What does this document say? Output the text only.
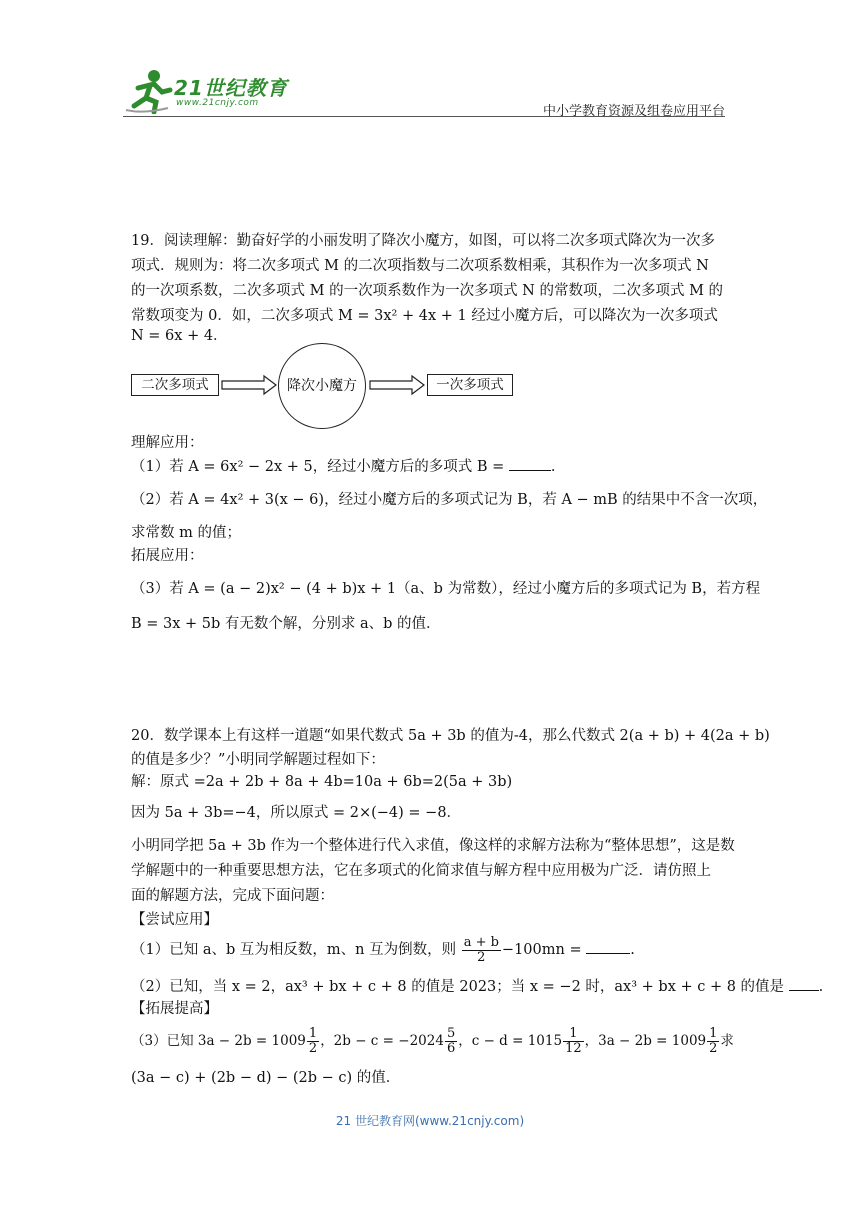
21世纪教育
www.21cnjy.com
中小学教育资源及组卷应用平台
19．阅读理解：勤奋好学的小丽发明了降次小魔方，如图，可以将二次多项式降次为一次多
项式．规则为：将二次多项式 M 的二次项指数与二次项系数相乘，其积作为一次多项式 N
的一次项系数，二次多项式 M 的一次项系数作为一次多项式 N 的常数项，二次多项式 M 的
常数项变为 0．如，二次多项式 M = 3x² + 4x + 1 经过小魔方后，可以降次为一次多项式
N = 6x + 4．
二次多项式	降次小魔方	一次多项式
理解应用：
（1）若 A = 6x² − 2x + 5，经过小魔方后的多项式 B =	.
（2）若 A = 4x² + 3(x − 6)，经过小魔方后的多项式记为 B，若 A − mB 的结果中不含一次项，
求常数 m 的值；
拓展应用：
（3）若 A = (a − 2)x² − (4 + b)x + 1（a、b 为常数），经过小魔方后的多项式记为 B，若方程
B = 3x + 5b 有无数个解，分别求 a、b 的值．
20．数学课本上有这样一道题“如果代数式 5a + 3b 的值为-4，那么代数式 2(a + b) + 4(2a + b)
的值是多少？”小明同学解题过程如下：
解：原式 =2a + 2b + 8a + 4b=10a + 6b=2(5a + 3b)
因为 5a + 3b=−4，所以原式 = 2×(−4) = −8．
小明同学把 5a + 3b 作为一个整体进行代入求值，像这样的求解方法称为“整体思想”，这是数
学解题中的一种重要思想方法，它在多项式的化简求值与解方程中应用极为广泛．请仿照上
面的解题方法，完成下面问题：
【尝试应用】
（1）已知 a、b 互为相反数，m、n 互为倒数，则 $\frac{a + b}{2} -100mn$ =	.
（2）已知，当 x = 2，ax³ + bx + c + 8 的值是 2023；当 x = −2 时，ax³ + bx + c + 8 的值是 .
【拓展提高】
（3）已知 $3a - 2b = 1009 \frac{1}{2}$ ，$2b - c = -2024 \frac{5}{6}$ ，$c - d = 1015 \frac{1}{12}$ ，$3a - 2b = 1009 \frac{1}{2}$ 求
(3a − c) + (2b − d) − (2b − c) 的值．
21 世纪教育网(www.21cnjy.com)
